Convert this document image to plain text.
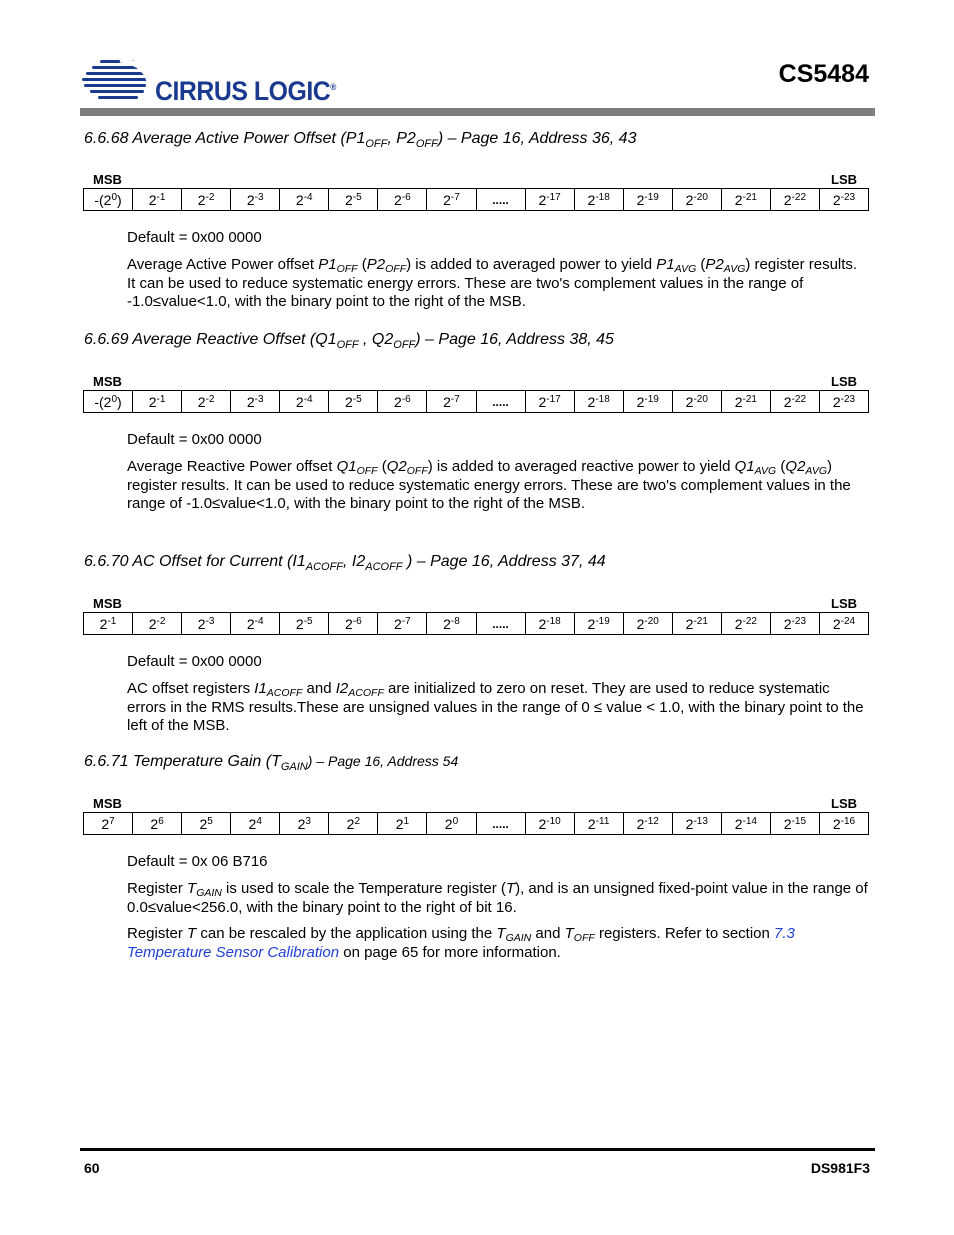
CIRRUS LOGIC®	CS5484
6.6.68 Average Active Power Offset ($P1_{OFF}$, $P2_{OFF}$) – Page 16, Address 36, 43
MSB	LSB
$-(2^0)$	$2^{-1}$	$2^{-2}$	$2^{-3}$	$2^{-4}$	$2^{-5}$	$2^{-6}$	$2^{-7}$	.....	$2^{-17}$	$2^{-18}$	$2^{-19}$	$2^{-20}$	$2^{-21}$	$2^{-22}$	$2^{-23}$
Default = 0x00 0000
Average Active Power offset $P1_{OFF}$ $(P2_{OFF})$ is added to averaged power to yield $P1_{AVG}$ $(P2_{AVG})$ register results. It can be used to reduce systematic energy errors. These are two's complement values in the range of -1.0≤value<1.0, with the binary point to the right of the MSB.
6.6.69 Average Reactive Offset ($Q1_{OFF}$ , $Q2_{OFF}$) – Page 16, Address 38, 45
MSB	LSB
$-(2^0)$	$2^{-1}$	$2^{-2}$	$2^{-3}$	$2^{-4}$	$2^{-5}$	$2^{-6}$	$2^{-7}$	.....	$2^{-17}$	$2^{-18}$	$2^{-19}$	$2^{-20}$	$2^{-21}$	$2^{-22}$	$2^{-23}$
Default = 0x00 0000
Average Reactive Power offset $Q1_{OFF}$ $(Q2_{OFF})$ is added to averaged reactive power to yield $Q1_{AVG}$ $(Q2_{AVG})$ register results. It can be used to reduce systematic energy errors. These are two's complement values in the range of -1.0≤value<1.0, with the binary point to the right of the MSB.
6.6.70 AC Offset for Current ($I1_{ACOFF}$, $I2_{ACOFF}$ ) – Page 16, Address 37, 44
MSB	LSB
$2^{-1}$	$2^{-2}$	$2^{-3}$	$2^{-4}$	$2^{-5}$	$2^{-6}$	$2^{-7}$	$2^{-8}$	.....	$2^{-18}$	$2^{-19}$	$2^{-20}$	$2^{-21}$	$2^{-22}$	$2^{-23}$	$2^{-24}$
Default = 0x00 0000
AC offset registers $I1_{ACOFF}$ and $I2_{ACOFF}$ are initialized to zero on reset. They are used to reduce systematic errors in the RMS results.These are unsigned values in the range of 0 ≤ value < 1.0, with the binary point to the left of the MSB.
6.6.71 Temperature Gain $(T_{GAIN})$ – Page 16, Address 54
MSB	LSB
$2^7$	$2^6$	$2^5$	$2^4$	$2^3$	$2^2$	$2^1$	$2^0$	.....	$2^{-10}$	$2^{-11}$	$2^{-12}$	$2^{-13}$	$2^{-14}$	$2^{-15}$	$2^{-16}$
Default = 0x 06 B716
Register $T_{GAIN}$ is used to scale the Temperature register (T), and is an unsigned fixed-point value in the range of 0.0≤value<256.0, with the binary point to the right of bit 16.
Register T can be rescaled by the application using the $T_{GAIN}$ and $T_{OFF}$ registers. Refer to section 7.3 Temperature Sensor Calibration on page 65 for more information.
60	DS981F3
